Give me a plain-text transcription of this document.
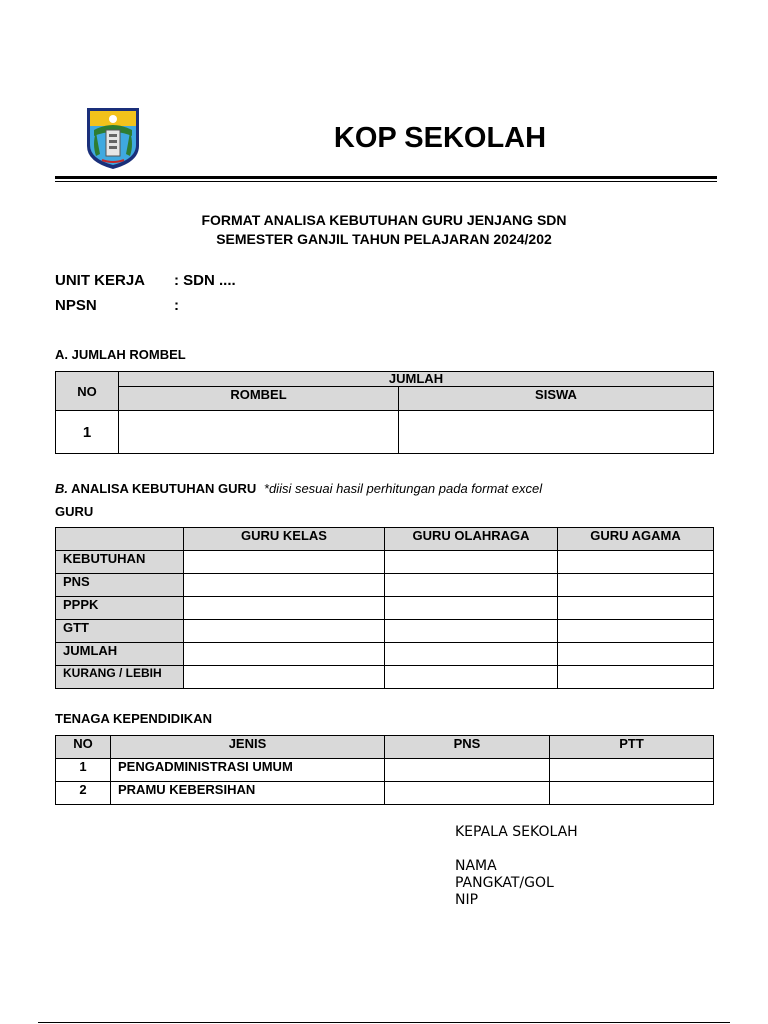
KOP SEKOLAH
FORMAT ANALISA KEBUTUHAN GURU JENJANG SDN
SEMESTER GANJIL TAHUN PELAJARAN 2024/202
UNIT KERJA : SDN ....
NPSN	:
A. JUMLAH ROMBEL
NO	JUMLAH	
	ROMBEL	SISWA
1		
B. ANALISA KEBUTUHAN GURU *diisi sesuai hasil perhitungan pada format excel
GURU
	GURU KELAS	GURU OLAHRAGA	GURU AGAMA
KEBUTUHAN			
PNS			
PPPK			
GTT			
JUMLAH			
KURANG / LEBIH			
TENAGA KEPENDIDIKAN
NO	JENIS	PNS	PTT
1	PENGADMINISTRASI UMUM		
2	PRAMU KEBERSIHAN		
KEPALA SEKOLAH
NAMA
PANGKAT/GOL
NIP
